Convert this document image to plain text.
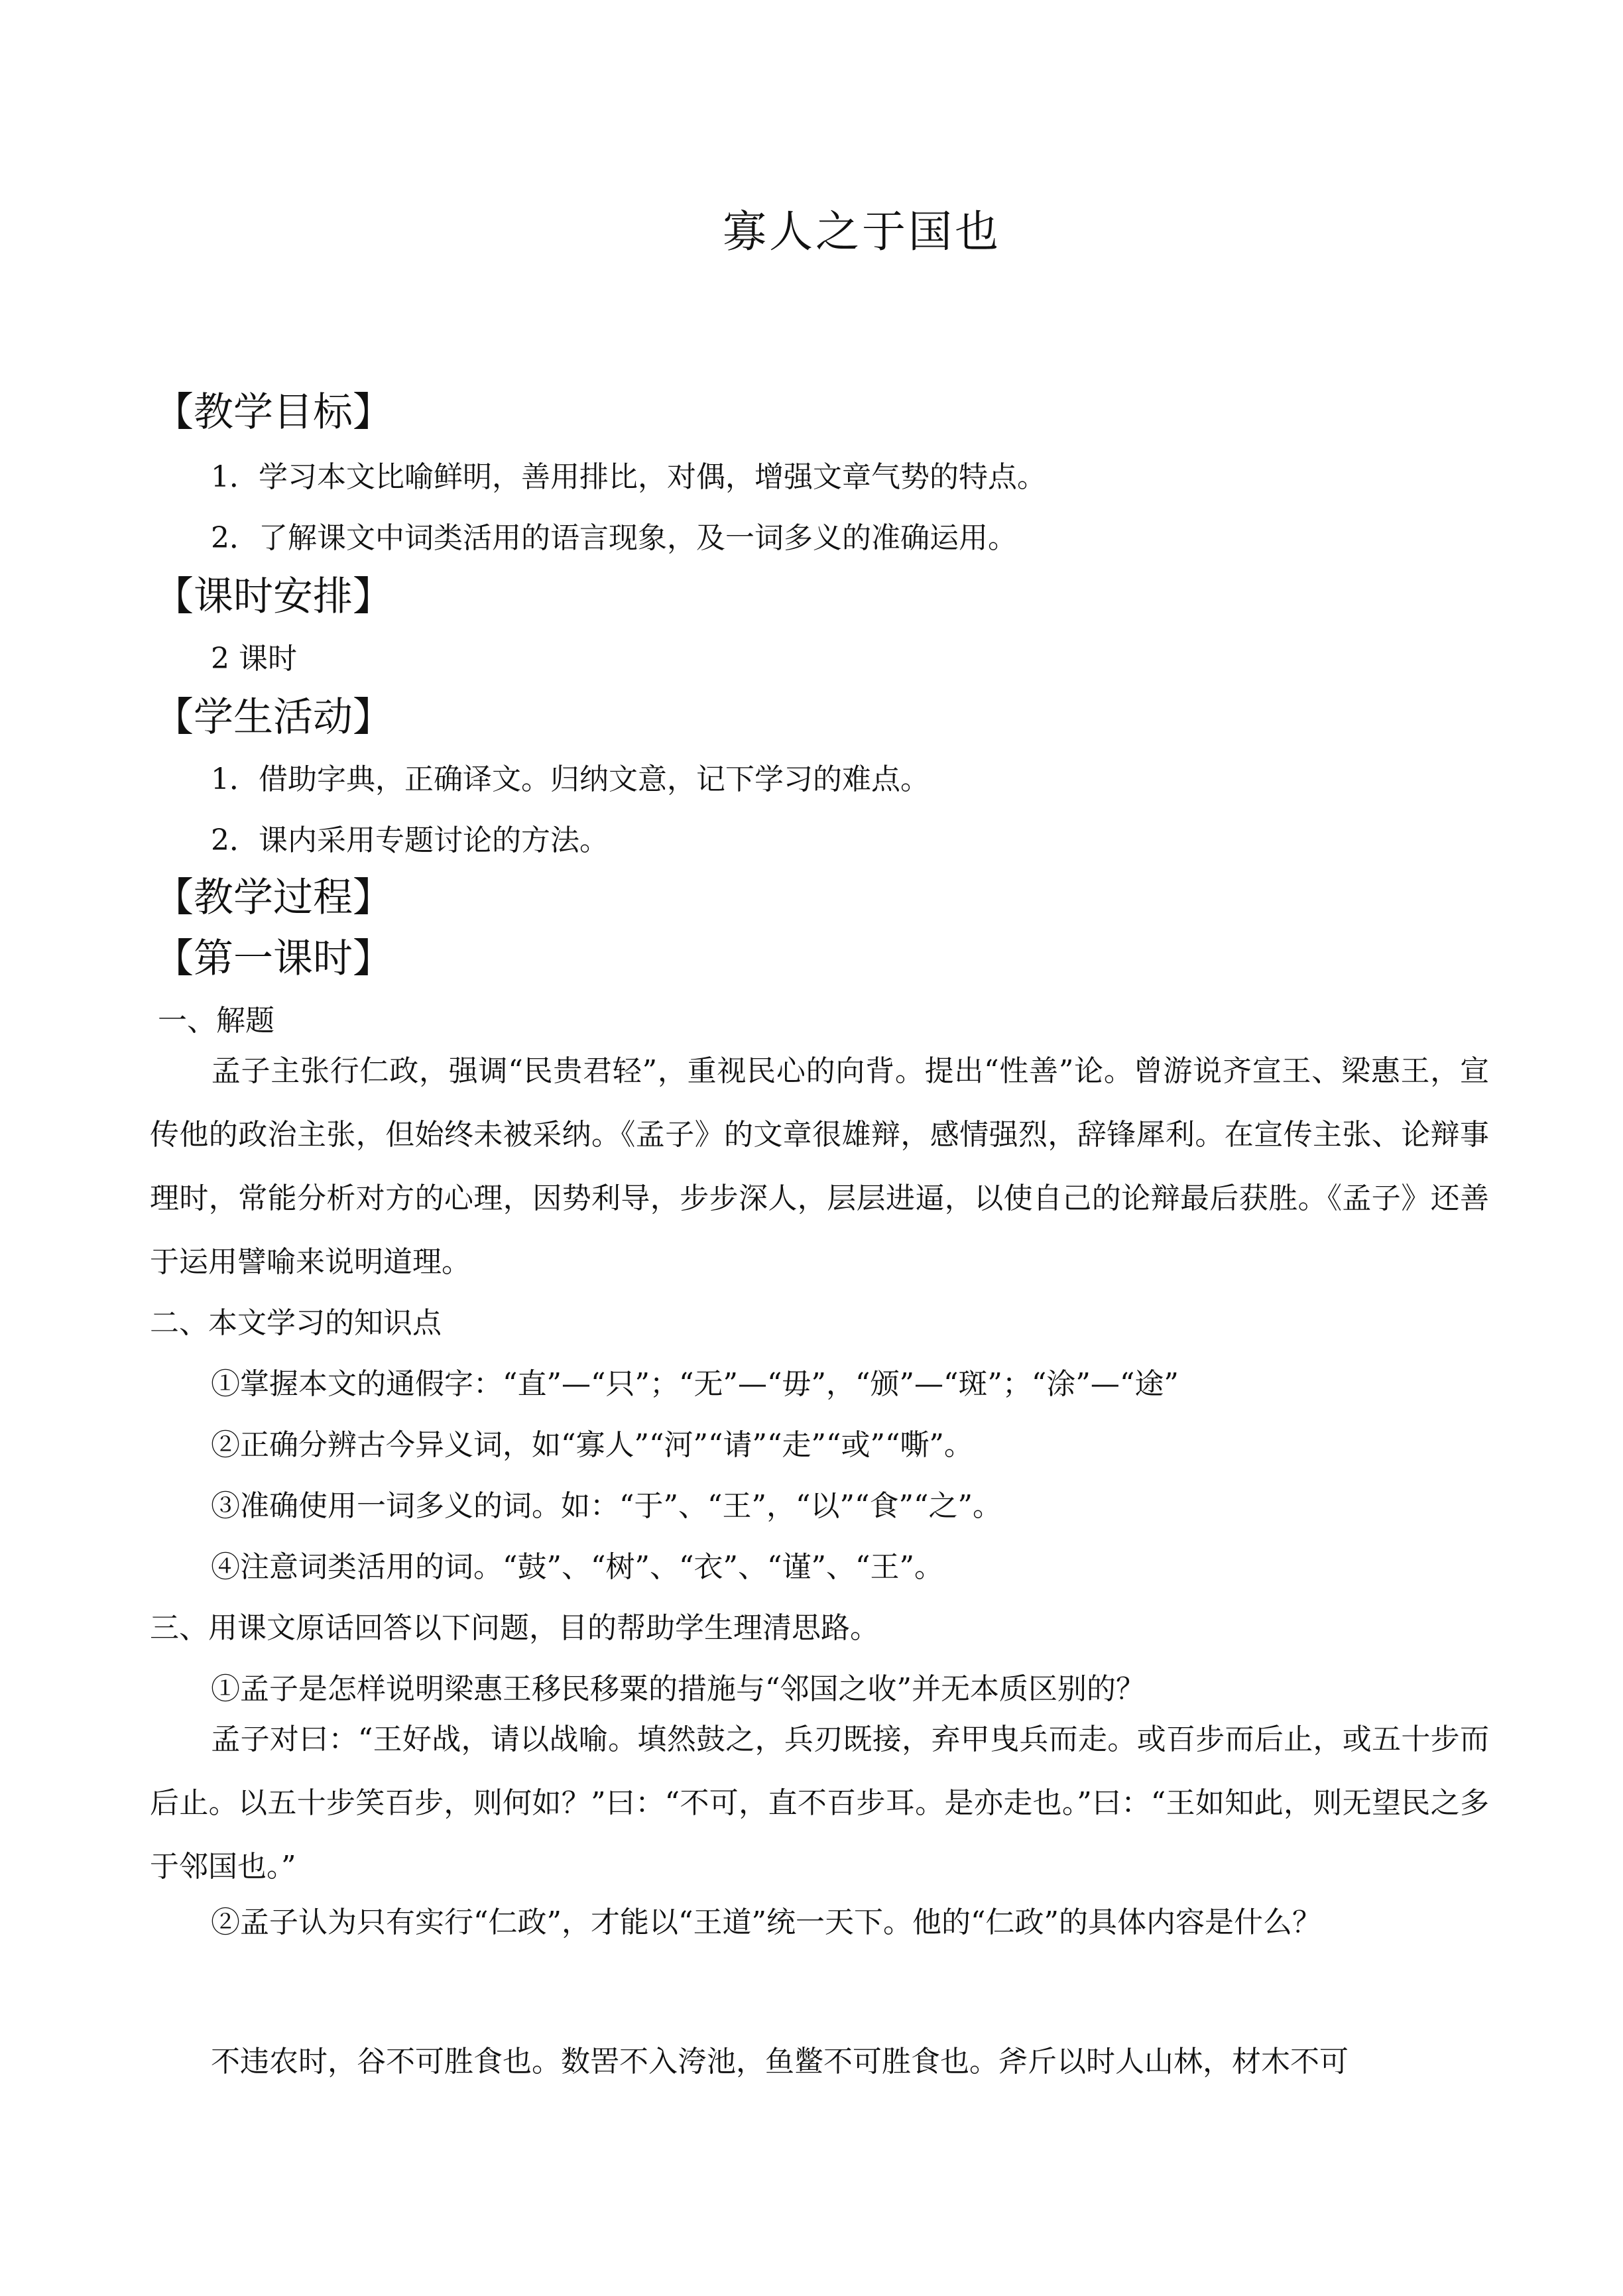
寡人之于国也
【教学目标】
1．学习本文比喻鲜明，善用排比，对偶，增强文章气势的特点。
2．了解课文中词类活用的语言现象，及一词多义的准确运用。
【课时安排】
2 课时
【学生活动】
1．借助字典，正确译文。归纳文意，记下学习的难点。
2．课内采用专题讨论的方法。
【教学过程】
【第一课时】
一、解题
孟子主张行仁政，强调“民贵君轻”，重视民心的向背。提出“性善”论。曾游说齐宣王、梁惠王，宣传他的政治主张，但始终未被采纳。《孟子》的文章很雄辩，感情强烈，辞锋犀利。在宣传主张、论辩事理时，常能分析对方的心理，因势利导，步步深人，层层进逼，以使自己的论辩最后获胜。《孟子》还善于运用譬喻来说明道理。
二、本文学习的知识点
①掌握本文的通假字：“直”—“只”；“无”—“毋”，“颁”—“斑”；“涂”—“途”
②正确分辨古今异义词，如“寡人”“河”“请”“走”“或”“嘶”。
③准确使用一词多义的词。如：“于”、“王”，“以”“食”“之”。
④注意词类活用的词。“鼓”、“树”、“衣”、“谨”、“王”。
三、用课文原话回答以下问题，目的帮助学生理清思路。
①孟子是怎样说明梁惠王移民移粟的措施与“邻国之收”并无本质区别的？
孟子对曰：“王好战，请以战喻。填然鼓之，兵刃既接，弃甲曳兵而走。或百步而后止，或五十步而后止。以五十步笑百步，则何如？”曰：“不可，直不百步耳。是亦走也。”曰：“王如知此，则无望民之多于邻国也。”
②孟子认为只有实行“仁政”，才能以“王道”统一天下。他的“仁政”的具体内容是什么？
不违农时，谷不可胜食也。数罟不入洿池，鱼鳖不可胜食也。斧斤以时人山林，材木不可
